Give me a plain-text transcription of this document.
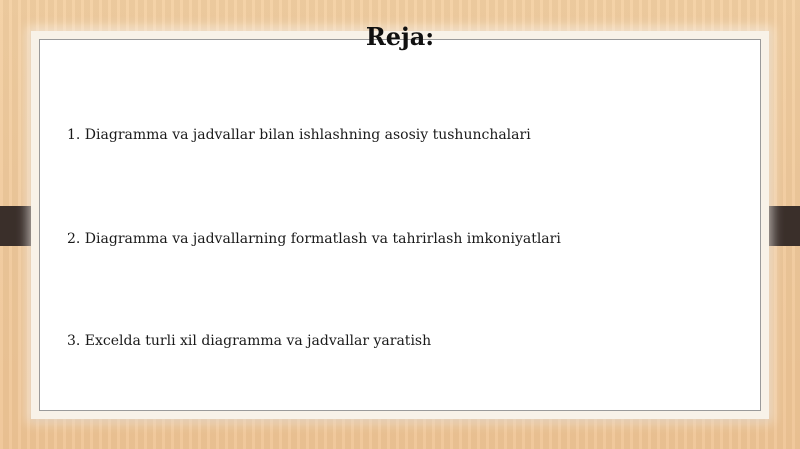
Reja:
1. Diagramma va jadvallar bilan ishlashning asosiy tushunchalari
2. Diagramma va jadvallarning formatlash va tahrirlash imkoniyatlari
3. Excelda turli xil diagramma va jadvallar yaratish
